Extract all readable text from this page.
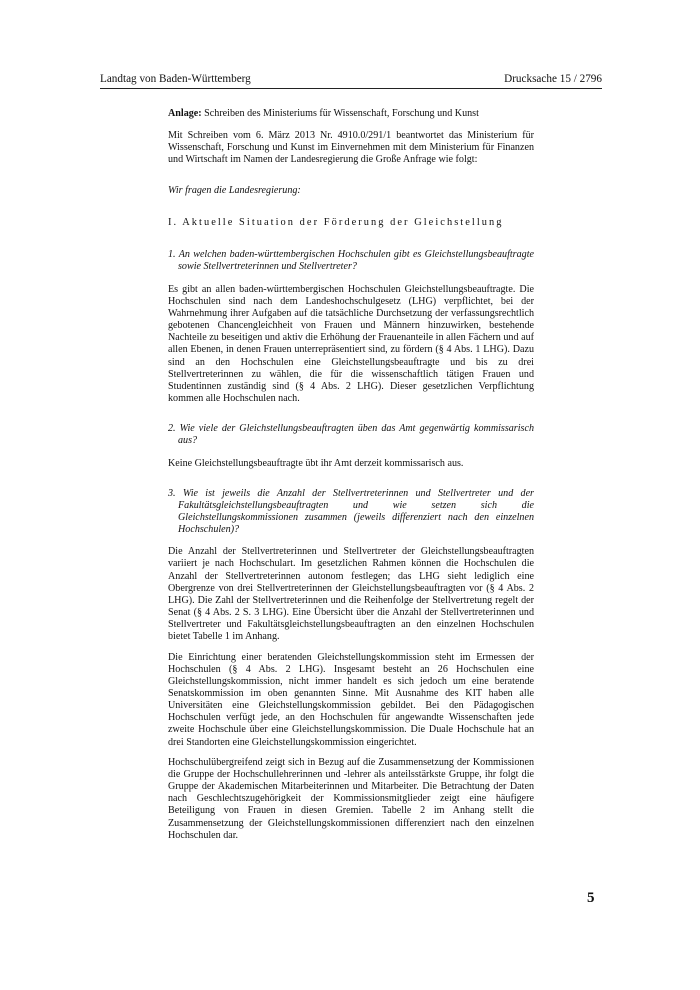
Landtag von Baden-Württemberg	Drucksache 15 / 2796

Anlage: Schreiben des Ministeriums für Wissenschaft, Forschung und Kunst

Mit Schreiben vom 6. März 2013 Nr. 4910.0/291/1 beantwortet das Ministerium für Wissenschaft, Forschung und Kunst im Einvernehmen mit dem Ministerium für Finanzen und Wirtschaft im Namen der Landesregierung die Große Anfrage wie folgt:

Wir fragen die Landesregierung:

I. Aktuelle Situation der Förderung der Gleichstellung

1. An welchen baden-württembergischen Hochschulen gibt es Gleichstellungsbeauftragte sowie Stellvertreterinnen und Stellvertreter?

Es gibt an allen baden-württembergischen Hochschulen Gleichstellungsbeauftragte. Die Hochschulen sind nach dem Landeshochschulgesetz (LHG) verpflichtet, bei der Wahrnehmung ihrer Aufgaben auf die tatsächliche Durchsetzung der verfassungsrechtlich gebotenen Chancengleichheit von Frauen und Männern hinzuwirken, bestehende Nachteile zu beseitigen und aktiv die Erhöhung der Frauenanteile in allen Fächern und auf allen Ebenen, in denen Frauen unterrepräsentiert sind, zu fördern (§ 4 Abs. 1 LHG). Dazu sind an den Hochschulen eine Gleichstellungsbeauftragte und bis zu drei Stellvertreterinnen zu wählen, die für die wissenschaftlich tätigen Frauen und Studentinnen zuständig sind (§ 4 Abs. 2 LHG). Dieser gesetzlichen Verpflichtung kommen alle Hochschulen nach.

2. Wie viele der Gleichstellungsbeauftragten üben das Amt gegenwärtig kommissarisch aus?

Keine Gleichstellungsbeauftragte übt ihr Amt derzeit kommissarisch aus.

3. Wie ist jeweils die Anzahl der Stellvertreterinnen und Stellvertreter und der Fakultätsgleichstellungsbeauftragten und wie setzen sich die Gleichstellungskommissionen zusammen (jeweils differenziert nach den einzelnen Hochschulen)?

Die Anzahl der Stellvertreterinnen und Stellvertreter der Gleichstellungsbeauftragten variiert je nach Hochschulart. Im gesetzlichen Rahmen können die Hochschulen die Anzahl der Stellvertreterinnen autonom festlegen; das LHG sieht lediglich eine Obergrenze von drei Stellvertreterinnen der Gleichstellungsbeauftragten vor (§ 4 Abs. 2 LHG). Die Zahl der Stellvertreterinnen und die Reihenfolge der Stellvertretung regelt der Senat (§ 4 Abs. 2 S. 3 LHG). Eine Übersicht über die Anzahl der Stellvertreterinnen und Stellvertreter und Fakultätsgleichstellungsbeauftragten an den einzelnen Hochschulen bietet Tabelle 1 im Anhang.

Die Einrichtung einer beratenden Gleichstellungskommission steht im Ermessen der Hochschulen (§ 4 Abs. 2 LHG). Insgesamt besteht an 26 Hochschulen eine Gleichstellungskommission, nicht immer handelt es sich jedoch um eine beratende Senatskommission im oben genannten Sinne. Mit Ausnahme des KIT haben alle Universitäten eine Gleichstellungskommission gebildet. Bei den Pädagogischen Hochschulen verfügt jede, an den Hochschulen für angewandte Wissenschaften jede zweite Hochschule über eine Gleichstellungskommission. Die Duale Hochschule hat an drei Standorten eine Gleichstellungskommission eingerichtet.

Hochschulübergreifend zeigt sich in Bezug auf die Zusammensetzung der Kommissionen die Gruppe der Hochschullehrerinnen und -lehrer als anteilsstärkste Gruppe, ihr folgt die Gruppe der Akademischen Mitarbeiterinnen und Mitarbeiter. Die Betrachtung der Daten nach Geschlechtszugehörigkeit der Kommissionsmitglieder zeigt eine häufigere Beteiligung von Frauen in diesen Gremien. Tabelle 2 im Anhang stellt die Zusammensetzung der Gleichstellungskommissionen differenziert nach den einzelnen Hochschulen dar.

5
